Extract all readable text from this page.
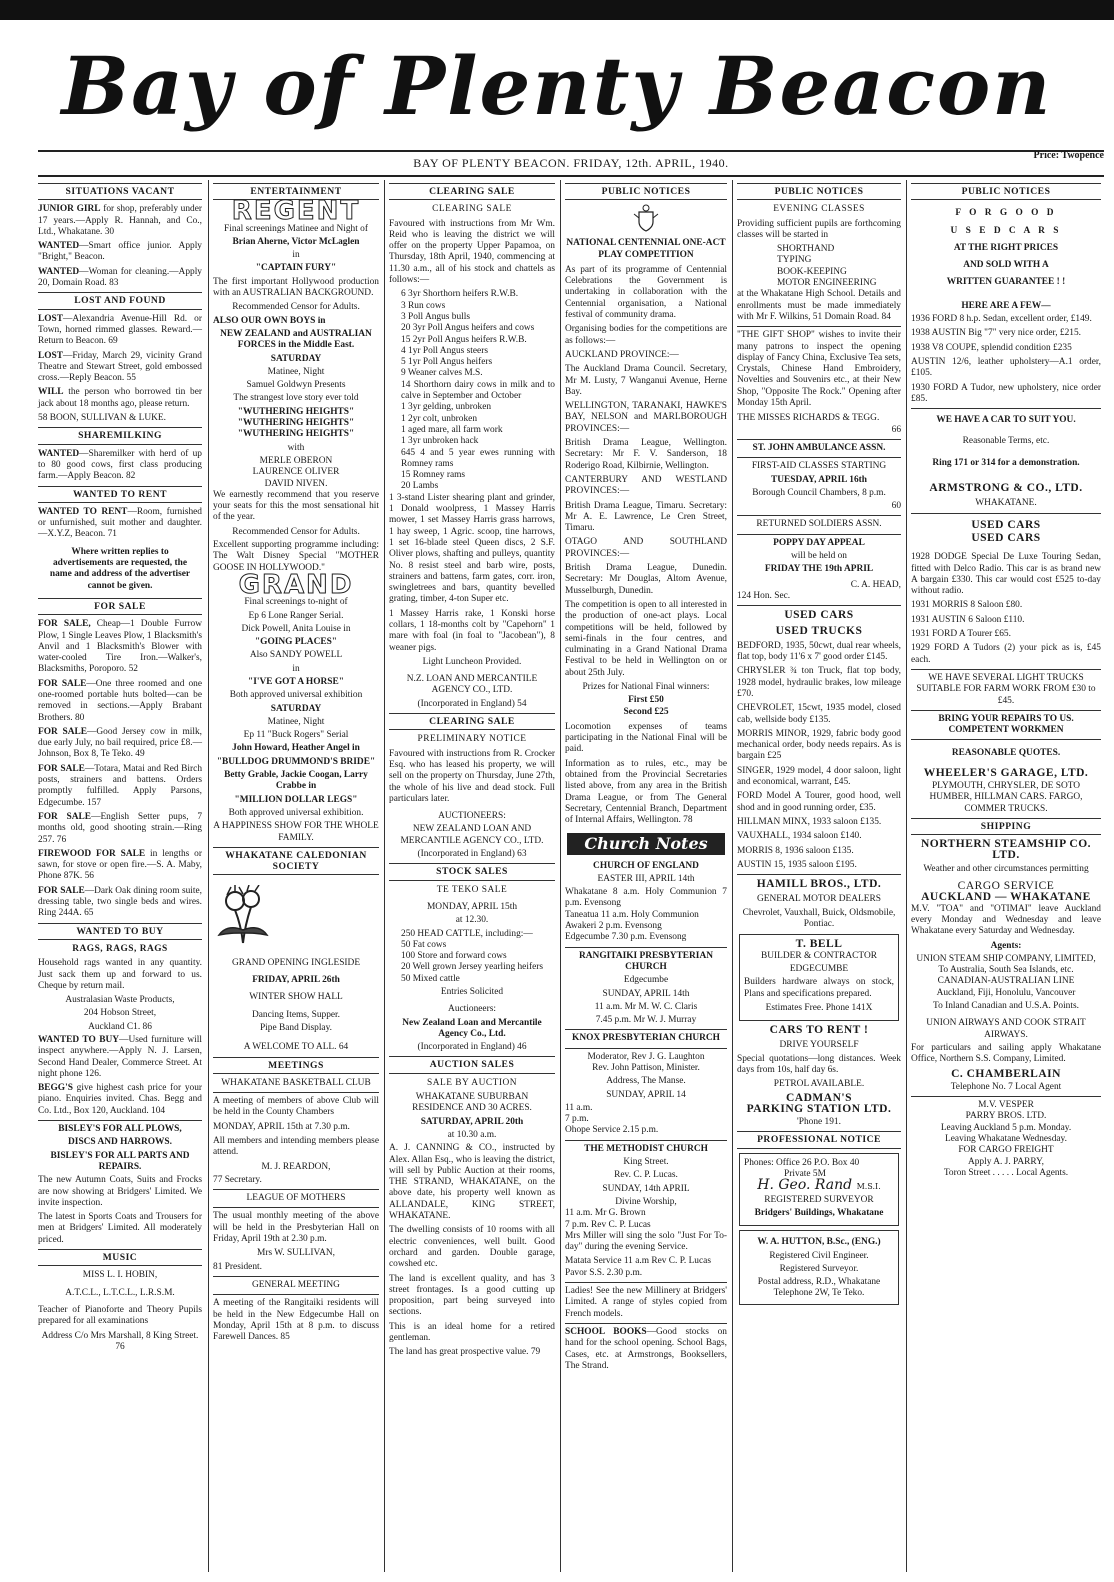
Bay of Plenty Beacon
BAY OF PLENTY BEACON. FRIDAY, 12th. APRIL, 1940.
Price: Twopence
SITUATIONS VACANT
JUNIOR GIRL for shop, preferably under 17 years.—Apply R. Hannah, and Co., Ltd., Whakatane. 30
WANTED—Smart office junior. Apply "Bright," Beacon.
WANTED—Woman for cleaning.—Apply 20, Domain Road. 83
LOST AND FOUND
LOST—Alexandria Avenue-Hill Rd. or Town, horned rimmed glasses. Reward.—Return to Beacon. 69
LOST—Friday, March 29, vicinity Grand Theatre and Stewart Street, gold embossed cross.—Reply Beacon. 55
WILL the person who borrowed tin ber jack about 18 months ago, please return.
58 BOON, SULLIVAN & LUKE.
SHAREMILKING
WANTED—Sharemilker with herd of up to 80 good cows, first class producing farm.—Apply Beacon. 82
WANTED TO RENT
WANTED TO RENT—Room, furnished or unfurnished, suit mother and daughter.—X.Y.Z, Beacon. 71
Where written replies to advertisements are requested, the name and address of the advertiser cannot be given.
FOR SALE
FOR SALE, Cheap—1 Double Furrow Plow, 1 Single Leaves Plow, 1 Blacksmith's Anvil and 1 Blacksmith's Blower with water-cooled Tire Iron.—Walker's, Blacksmiths, Poroporo. 52
FOR SALE—One three roomed and one one-roomed portable huts bolted—can be removed in sections.—Apply Brabant Brothers. 80
FOR SALE—Good Jersey cow in milk, due early July, no bail required, price £8.—Johnson, Box 8, Te Teko. 49
FOR SALE—Totara, Matai and Red Birch posts, strainers and battens. Orders promptly fulfilled. Apply Parsons, Edgecumbe. 157
FOR SALE—English Setter pups, 7 months old, good shooting strain.—Ring 257. 76
FIREWOOD FOR SALE in lengths or sawn, for stove or open fire.—S. A. Maby, Phone 87K. 56
FOR SALE—Dark Oak dining room suite, dressing table, two single beds and wires. Ring 244A. 65
WANTED TO BUY
RAGS, RAGS, RAGS
Household rags wanted in any quantity. Just sack them up and forward to us. Cheque by return mail.
Australasian Waste Products,
204 Hobson Street,
Auckland C1. 86
WANTED TO BUY—Used furniture will inspect anywhere.—Apply N. J. Larsen, Second Hand Dealer, Commerce Street. At night phone 126.
BEGG'S give highest cash price for your piano. Enquiries invited. Chas. Begg and Co. Ltd., Box 120, Auckland. 104
BISLEY'S FOR ALL PLOWS,
DISCS AND HARROWS.
BISLEY'S FOR ALL PARTS AND REPAIRS.
The new Autumn Coats, Suits and Frocks are now showing at Bridgers' Limited. We invite inspection.
The latest in Sports Coats and Trousers for men at Bridgers' Limited. All moderately priced.
MUSIC
MISS L. I. HOBIN,
A.T.C.L., L.T.C.L., L.R.S.M.
Teacher of Pianoforte and Theory Pupils prepared for all examinations
Address C/o Mrs Marshall, 8 King Street. 76
ENTERTAINMENT
REGENT
Final screenings Matinee and Night of
Brian Aherne, Victor McLaglen
in
"CAPTAIN FURY"
The first important Hollywood production with an AUSTRALIAN BACKGROUND.
Recommended Censor for Adults.
ALSO OUR OWN BOYS in
NEW ZEALAND and AUSTRALIAN FORCES in the Middle East.
SATURDAY
Matinee, Night
Samuel Goldwyn Presents
The strangest love story ever told
"WUTHERING HEIGHTS"
"WUTHERING HEIGHTS"
"WUTHERING HEIGHTS"
with
MERLE OBERON
LAURENCE OLIVER
DAVID NIVEN.
We earnestly recommend that you reserve your seats for this the most sensational hit of the year.
Recommended Censor for Adults.
Excellent supporting programme including: The Walt Disney Special "MOTHER GOOSE IN HOLLYWOOD."
GRAND
Final screenings to-night of
Ep 6 Lone Ranger Serial.
Dick Powell, Anita Louise in
"GOING PLACES"
Also SANDY POWELL
in
"I'VE GOT A HORSE"
Both approved universal exhibition
SATURDAY
Matinee, Night
Ep 11 "Buck Rogers" Serial
John Howard, Heather Angel in
"BULLDOG DRUMMOND'S BRIDE"
Betty Grable, Jackie Coogan, Larry Crabbe in
"MILLION DOLLAR LEGS"
Both approved universal exhibition.
A HAPPINESS SHOW FOR THE WHOLE FAMILY.
WHAKATANE CALEDONIAN SOCIETY
GRAND OPENING INGLESIDE
FRIDAY, APRIL 26th
WINTER SHOW HALL
Dancing Items, Supper.
Pipe Band Display.
A WELCOME TO ALL. 64
MEETINGS
WHAKATANE BASKETBALL CLUB
A meeting of members of above Club will be held in the County Chambers
MONDAY, APRIL 15th at 7.30 p.m.
All members and intending members please attend.
M. J. REARDON,
77 Secretary.
LEAGUE OF MOTHERS
The usual monthly meeting of the above will be held in the Presbyterian Hall on Friday, April 19th at 2.30 p.m.
Mrs W. SULLIVAN,
81 President.
GENERAL MEETING
A meeting of the Rangitaiki residents will be held in the New Edgecumbe Hall on Monday, April 15th at 8 p.m. to discuss Farewell Dances. 85
CLEARING SALE
CLEARING SALE
Favoured with instructions from Mr Wm. Reid who is leaving the district we will offer on the property Upper Papamoa, on Thursday, 18th April, 1940, commencing at 11.30 a.m., all of his stock and chattels as follows:—
6 3yr Shorthorn heifers R.W.B.
3 Run cows
3 Poll Angus bulls
20 3yr Poll Angus heifers and cows
15 2yr Poll Angus heifers R.W.B.
4 1yr Poll Angus steers
5 1yr Poll Angus heifers
9 Weaner calves M.S.
14 Shorthorn dairy cows in milk and to calve in September and October
1 3yr gelding, unbroken
1 2yr colt, unbroken
1 aged mare, all farm work
1 3yr unbroken hack
645 4 and 5 year ewes running with Romney rams
15 Romney rams
20 Lambs
1 3-stand Lister shearing plant and grinder, 1 Donald woolpress, 1 Massey Harris mower, 1 set Massey Harris grass harrows, 1 hay sweep, 1 Agric. scoop, tine harrows, 1 set 16-blade steel Queen discs, 2 S.F. Oliver plows, shafting and pulleys, quantity No. 8 resist steel and barb wire, posts, strainers and battens, farm gates, corr. iron, swingletrees and bars, quantity bevelled grating, timber, 4-ton Super etc.
1 Massey Harris rake, 1 Konski horse collars, 1 18-months colt by "Capehorn" 1 mare with foal (in foal to "Jacobean"), 8 weaner pigs.
Light Luncheon Provided.
N.Z. LOAN AND MERCANTILE AGENCY CO., LTD.
(Incorporated in England) 54
CLEARING SALE
PRELIMINARY NOTICE
Favoured with instructions from R. Crocker Esq. who has leased his property, we will sell on the property on Thursday, June 27th, the whole of his live and dead stock. Full particulars later.
AUCTIONEERS:
NEW ZEALAND LOAN AND MERCANTILE AGENCY CO., LTD.
(Incorporated in England) 63
STOCK SALES
TE TEKO SALE
MONDAY, APRIL 15th
at 12.30.
250 HEAD CATTLE, including:—
50 Fat cows
100 Store and forward cows
20 Well grown Jersey yearling heifers
50 Mixed cattle
Entries Solicited
Auctioneers:
New Zealand Loan and Mercantile Agency Co., Ltd.
(Incorporated in England) 46
AUCTION SALES
SALE BY AUCTION
WHAKATANE SUBURBAN RESIDENCE AND 30 ACRES.
SATURDAY, APRIL 20th
at 10.30 a.m.
A. J. CANNING & CO., instructed by Alex. Allan Esq., who is leaving the district, will sell by Public Auction at their rooms, THE STRAND, WHAKATANE, on the above date, his property well known as ALLANDALE, KING STREET, WHAKATANE.
The dwelling consists of 10 rooms with all electric conveniences, well built. Good orchard and garden. Double garage, cowshed etc.
The land is excellent quality, and has 3 street frontages. Is a good cutting up proposition, part being surveyed into sections.
This is an ideal home for a retired gentleman.
The land has great prospective value. 79
PUBLIC NOTICES
NATIONAL CENTENNIAL ONE-ACT PLAY COMPETITION
As part of its programme of Centennial Celebrations the Government is undertaking in collaboration with the Centennial organisation, a National festival of community drama.
Organising bodies for the competitions are as follows:—
AUCKLAND PROVINCE:—
The Auckland Drama Council. Secretary, Mr M. Lusty, 7 Wanganui Avenue, Herne Bay.
WELLINGTON, TARANAKI, HAWKE'S BAY, NELSON and MARLBOROUGH PROVINCES:—
British Drama League, Wellington. Secretary: Mr F. V. Sanderson, 18 Roderigo Road, Kilbirnie, Wellington.
CANTERBURY AND WESTLAND PROVINCES:—
British Drama League, Timaru. Secretary: Mr A. E. Lawrence, Le Cren Street, Timaru.
OTAGO AND SOUTHLAND PROVINCES:—
British Drama League, Dunedin. Secretary: Mr Douglas, Altom Avenue, Musselburgh, Dunedin.
The competition is open to all interested in the production of one-act plays. Local competitions will be held, followed by semi-finals in the four centres, and culminating in a Grand National Drama Festival to be held in Wellington on or about 25th July.
Prizes for National Final winners:
First £50
Second £25
Locomotion expenses of teams participating in the National Final will be paid.
Information as to rules, etc., may be obtained from the Provincial Secretaries listed above, from any area in the British Drama League, or from The General Secretary, Centennial Branch, Department of Internal Affairs, Wellington. 78
Church Notes
CHURCH OF ENGLAND
EASTER III, APRIL 14th
Whakatane 8 a.m. Holy Communion 7 p.m. Evensong
Taneatua 11 a.m. Holy Communion
Awakeri 2 p.m. Evensong
Edgecumbe 7.30 p.m. Evensong
RANGITAIKI PRESBYTERIAN CHURCH
Edgecumbe
SUNDAY, APRIL 14th
11 a.m. Mr M. W. C. Claris
7.45 p.m. Mr W. J. Murray
KNOX PRESBYTERIAN CHURCH
Moderator, Rev J. G. Laughton
Rev. John Pattison, Minister.
Address, The Manse.
SUNDAY, APRIL 14
11 a.m.
7 p.m.
Ohope Service 2.15 p.m.
THE METHODIST CHURCH
King Street.
Rev. C. P. Lucas.
SUNDAY, 14th APRIL
Divine Worship,
11 a.m. Mr G. Brown
7 p.m. Rev C. P. Lucas
Mrs Miller will sing the solo "Just For To-day" during the evening Service.
Matata Service 11 a.m Rev C. P. Lucas
Pavor S.S. 2.30 p.m.
Ladies! See the new Millinery at Bridgers' Limited. A range of styles copied from French models.
SCHOOL BOOKS—Good stocks on hand for the school opening. School Bags, Cases, etc. at Armstrongs, Booksellers, The Strand.
PUBLIC NOTICES
EVENING CLASSES
Providing sufficient pupils are forthcoming classes will be started in
SHORTHAND
TYPING
BOOK-KEEPING
MOTOR ENGINEERING
at the Whakatane High School. Details and enrollments must be made immediately with Mr F. Wilkins, 51 Domain Road. 84
"THE GIFT SHOP" wishes to invite their many patrons to inspect the opening display of Fancy China, Exclusive Tea sets, Crystals, Chinese Hand Embroidery, Novelties and Souvenirs etc., at their New Shop, "Opposite The Rock." Opening after Monday 15th April.
THE MISSES RICHARDS & TEGG.
66
ST. JOHN AMBULANCE ASSN.
FIRST-AID CLASSES STARTING
TUESDAY, APRIL 16th
Borough Council Chambers, 8 p.m.
60
RETURNED SOLDIERS ASSN.
POPPY DAY APPEAL
will be held on
FRIDAY THE 19th APRIL
C. A. HEAD,
124 Hon. Sec.
USED CARS
USED TRUCKS
BEDFORD, 1935, 50cwt, dual rear wheels, flat top, body 11'6 x 7' good order £145.
CHRYSLER ¾ ton Truck, flat top body, 1928 model, hydraulic brakes, low mileage £70.
CHEVROLET, 15cwt, 1935 model, closed cab, wellside body £135.
MORRIS MINOR, 1929, fabric body good mechanical order, body needs repairs. As is bargain £25
SINGER, 1929 model, 4 door saloon, light and economical, warrant, £45.
FORD Model A Tourer, good hood, well shod and in good running order, £35.
HILLMAN MINX, 1933 saloon £135.
VAUXHALL, 1934 saloon £140.
MORRIS 8, 1936 saloon £135.
AUSTIN 15, 1935 saloon £195.
HAMILL BROS., LTD.
GENERAL MOTOR DEALERS
Chevrolet, Vauxhall, Buick, Oldsmobile, Pontiac.
T. BELL
BUILDER & CONTRACTOR
EDGECUMBE
Builders hardware always on stock, Plans and specifications prepared.
Estimates Free. Phone 141X
CARS TO RENT !
DRIVE YOURSELF
Special quotations—long distances. Week days from 10s, half day 6s.
PETROL AVAILABLE.
CADMAN'S
PARKING STATION LTD.
'Phone 191.
PROFESSIONAL NOTICE
Phones: Office 26 P.O. Box 40
Private 5M
H. Geo. Rand M.S.I.
REGISTERED SURVEYOR
Bridgers' Buildings, Whakatane
W. A. HUTTON, B.Sc., (ENG.)
Registered Civil Engineer.
Registered Surveyor.
Postal address, R.D., Whakatane
Telephone 2W, Te Teko.
PUBLIC NOTICES
F O R G O O D
U S E D C A R S
AT THE RIGHT PRICES
AND SOLD WITH A
WRITTEN GUARANTEE ! !
HERE ARE A FEW—
1936 FORD 8 h.p. Sedan, excellent order, £149.
1938 AUSTIN Big "7" very nice order, £215.
1938 V8 COUPE, splendid condition £235
AUSTIN 12/6, leather upholstery—A.1 order, £105.
1930 FORD A Tudor, new upholstery, nice order £85.
WE HAVE A CAR TO SUIT YOU.
Reasonable Terms, etc.
Ring 171 or 314 for a demonstration.
ARMSTRONG & CO., LTD.
WHAKATANE.
USED CARS
USED CARS
1928 DODGE Special De Luxe Touring Sedan, fitted with Delco Radio. This car is as brand new A bargain £330. This car would cost £525 to-day without radio.
1931 MORRIS 8 Saloon £80.
1931 AUSTIN 6 Saloon £110.
1931 FORD A Tourer £65.
1929 FORD A Tudors (2) your pick as is, £45 each.
WE HAVE SEVERAL LIGHT TRUCKS SUITABLE FOR FARM WORK FROM £30 to £45.
BRING YOUR REPAIRS TO US. COMPETENT WORKMEN
REASONABLE QUOTES.
WHEELER'S GARAGE, LTD.
PLYMOUTH, CHRYSLER, DE SOTO HUMBER, HILLMAN CARS. FARGO, COMMER TRUCKS.
SHIPPING
NORTHERN STEAMSHIP CO. LTD.
Weather and other circumstances permitting
CARGO SERVICE
AUCKLAND — WHAKATANE
M.V. "TOA" and "OTIMAI" leave Auckland every Monday and Wednesday and leave Whakatane every Saturday and Wednesday.
Agents:
UNION STEAM SHIP COMPANY, LIMITED,
To Australia, South Sea Islands, etc.
CANADIAN-AUSTRALIAN LINE
Auckland, Fiji, Honolulu, Vancouver
To Inland Canadian and U.S.A. Points.
UNION AIRWAYS AND COOK STRAIT AIRWAYS.
For particulars and sailing apply Whakatane Office, Northern S.S. Company, Limited.
C. CHAMBERLAIN
Telephone No. 7 Local Agent
M.V. VESPER
PARRY BROS. LTD.
Leaving Auckland 5 p.m. Monday.
Leaving Whakatane Wednesday.
FOR CARGO FREIGHT
Apply A. J. PARRY,
Toron Street . . . . . Local Agents.
